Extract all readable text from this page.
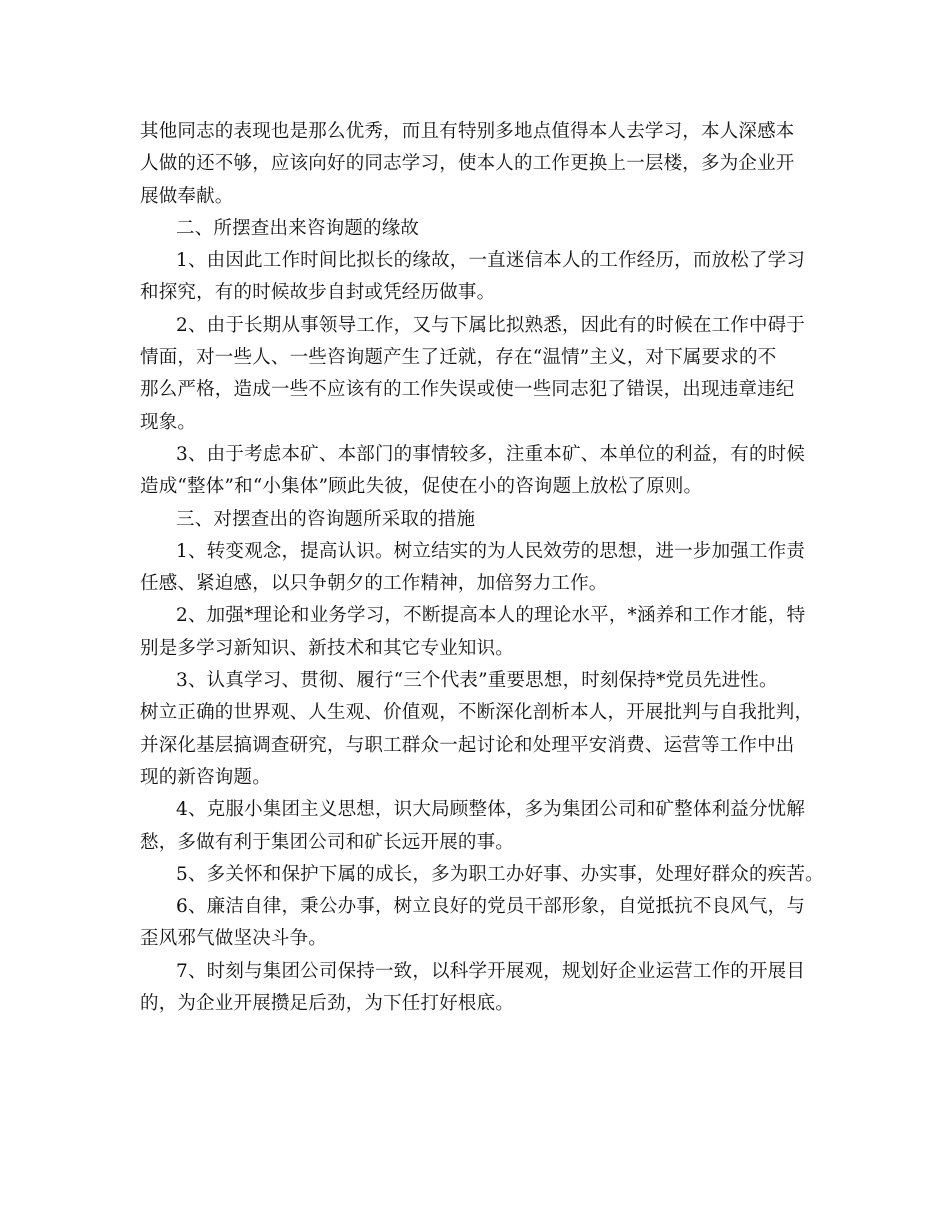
其他同志的表现也是那么优秀，而且有特别多地点值得本人去学习，本人深感本
人做的还不够，应该向好的同志学习，使本人的工作更换上一层楼，多为企业开
展做奉献。
二、所摆查出来咨询题的缘故
1、由因此工作时间比拟长的缘故，一直迷信本人的工作经历，而放松了学习
和探究，有的时候故步自封或凭经历做事。
2、由于长期从事领导工作，又与下属比拟熟悉，因此有的时候在工作中碍于
情面，对一些人、一些咨询题产生了迁就，存在“温情”主义，对下属要求的不
那么严格，造成一些不应该有的工作失误或使一些同志犯了错误，出现违章违纪
现象。
3、由于考虑本矿、本部门的事情较多，注重本矿、本单位的利益，有的时候
造成“整体”和“小集体”顾此失彼，促使在小的咨询题上放松了原则。
三、对摆查出的咨询题所采取的措施
1、转变观念，提高认识。树立结实的为人民效劳的思想，进一步加强工作责
任感、紧迫感，以只争朝夕的工作精神，加倍努力工作。
2、加强*理论和业务学习，不断提高本人的理论水平，*涵养和工作才能，特
别是多学习新知识、新技术和其它专业知识。
3、认真学习、贯彻、履行“三个代表”重要思想，时刻保持*党员先进性。
树立正确的世界观、人生观、价值观，不断深化剖析本人，开展批判与自我批判，
并深化基层搞调查研究，与职工群众一起讨论和处理平安消费、运营等工作中出
现的新咨询题。
4、克服小集团主义思想，识大局顾整体，多为集团公司和矿整体利益分忧解
愁，多做有利于集团公司和矿长远开展的事。
5、多关怀和保护下属的成长，多为职工办好事、办实事，处理好群众的疾苦。
6、廉洁自律，秉公办事，树立良好的党员干部形象，自觉抵抗不良风气，与
歪风邪气做坚决斗争。
7、时刻与集团公司保持一致，以科学开展观，规划好企业运营工作的开展目
的，为企业开展攒足后劲，为下任打好根底。
